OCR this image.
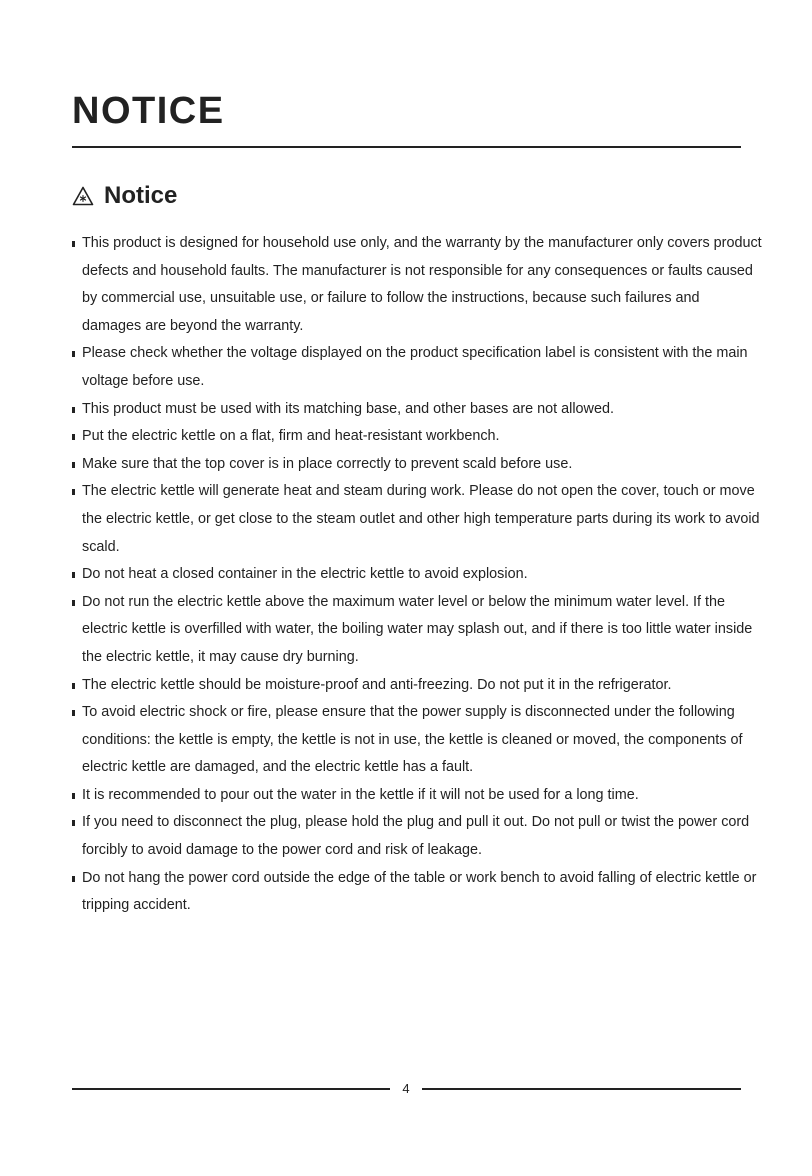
NOTICE
Notice
This product is designed for household use only, and the warranty by the manufacturer only covers product defects and household faults. The manufacturer is not responsible for any consequences or faults caused by commercial use, unsuitable use, or failure to follow the instructions, because such failures and damages are beyond the warranty.
Please check whether the voltage displayed on the product specification label is consistent with the main voltage before use.
This product must be used with its matching base, and other bases are not allowed.
Put the electric kettle on a flat, firm and heat-resistant workbench.
Make sure that the top cover is in place correctly to prevent scald before use.
The electric kettle will generate heat and steam during work. Please do not open the cover, touch or move the electric kettle, or get close to the steam outlet and other high temperature parts during its work to avoid scald.
Do not heat a closed container in the electric kettle to avoid explosion.
Do not run the electric kettle above the maximum water level or below the minimum water level. If the electric kettle is overfilled with water, the boiling water may splash out, and if there is too little water inside the electric kettle, it may cause dry burning.
The electric kettle should be moisture-proof and anti-freezing. Do not put it in the refrigerator.
To avoid electric shock or fire, please ensure that the power supply is disconnected under the following conditions: the kettle is empty, the kettle is not in use, the kettle is cleaned or moved, the components of electric kettle are damaged, and the electric kettle has a fault.
It is recommended to pour out the water in the kettle if it will not be used for a long time.
If you need to disconnect the plug, please hold the plug and pull it out. Do not pull or twist the power cord forcibly to avoid damage to the power cord and risk of leakage.
Do not hang the power cord outside the edge of the table or work bench to avoid falling of electric kettle or tripping accident.
4
